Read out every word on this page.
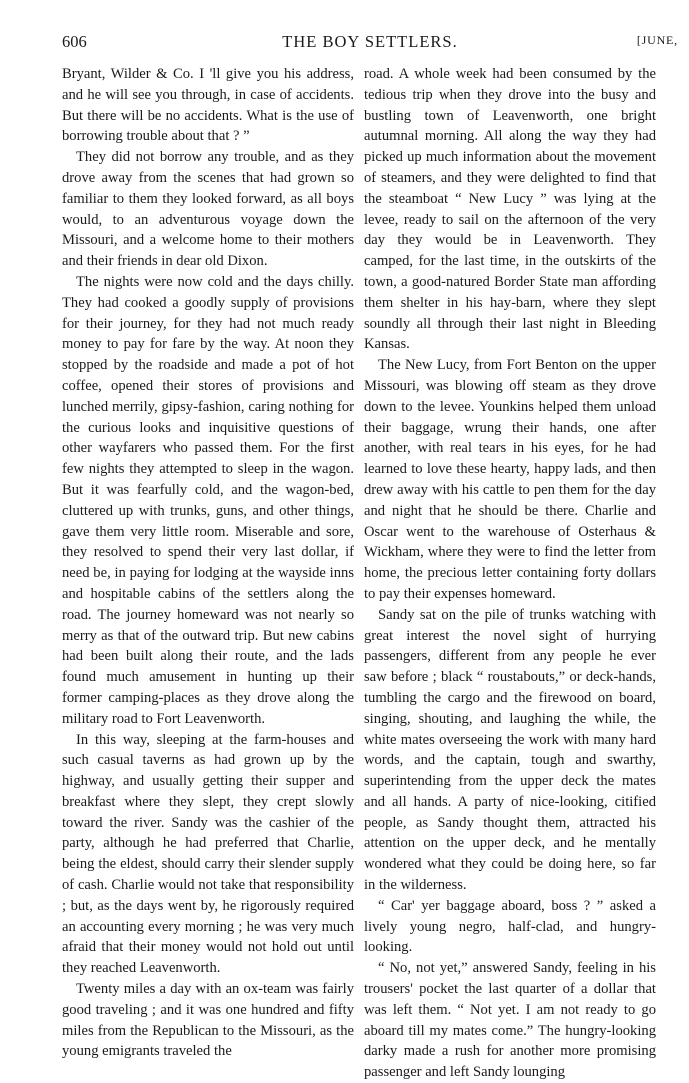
606	THE BOY SETTLERS.	[JUNE,

Bryant, Wilder & Co. I 'll give you his address, and he will see you through, in case of accidents. But there will be no accidents. What is the use of borrowing trouble about that ? ”

They did not borrow any trouble, and as they drove away from the scenes that had grown so familiar to them they looked forward, as all boys would, to an adventurous voyage down the Missouri, and a welcome home to their mothers and their friends in dear old Dixon.

The nights were now cold and the days chilly. They had cooked a goodly supply of provisions for their journey, for they had not much ready money to pay for fare by the way. At noon they stopped by the roadside and made a pot of hot coffee, opened their stores of provisions and lunched merrily, gipsy-fashion, caring nothing for the curious looks and inquisitive questions of other wayfarers who passed them. For the first few nights they attempted to sleep in the wagon. But it was fearfully cold, and the wagon-bed, cluttered up with trunks, guns, and other things, gave them very little room. Miserable and sore, they resolved to spend their very last dollar, if need be, in paying for lodging at the wayside inns and hospitable cabins of the settlers along the road. The journey homeward was not nearly so merry as that of the outward trip. But new cabins had been built along their route, and the lads found much amusement in hunting up their former camping-places as they drove along the military road to Fort Leavenworth.

In this way, sleeping at the farm-houses and such casual taverns as had grown up by the highway, and usually getting their supper and breakfast where they slept, they crept slowly toward the river. Sandy was the cashier of the party, although he had preferred that Charlie, being the eldest, should carry their slender supply of cash. Charlie would not take that responsibility ; but, as the days went by, he rigorously required an accounting every morning ; he was very much afraid that their money would not hold out until they reached Leavenworth.

Twenty miles a day with an ox-team was fairly good traveling ; and it was one hundred and fifty miles from the Republican to the Missouri, as the young emigrants traveled the

road. A whole week had been consumed by the tedious trip when they drove into the busy and bustling town of Leavenworth, one bright autumnal morning. All along the way they had picked up much information about the movement of steamers, and they were delighted to find that the steamboat “ New Lucy ” was lying at the levee, ready to sail on the afternoon of the very day they would be in Leavenworth. They camped, for the last time, in the outskirts of the town, a good-natured Border State man affording them shelter in his hay-barn, where they slept soundly all through their last night in Bleeding Kansas.

The New Lucy, from Fort Benton on the upper Missouri, was blowing off steam as they drove down to the levee. Younkins helped them unload their baggage, wrung their hands, one after another, with real tears in his eyes, for he had learned to love these hearty, happy lads, and then drew away with his cattle to pen them for the day and night that he should be there. Charlie and Oscar went to the warehouse of Osterhaus & Wickham, where they were to find the letter from home, the precious letter containing forty dollars to pay their expenses homeward.

Sandy sat on the pile of trunks watching with great interest the novel sight of hurrying passengers, different from any people he ever saw before ; black “ roustabouts,” or deck-hands, tumbling the cargo and the firewood on board, singing, shouting, and laughing the while, the white mates overseeing the work with many hard words, and the captain, tough and swarthy, superintending from the upper deck the mates and all hands. A party of nice-looking, citified people, as Sandy thought them, attracted his attention on the upper deck, and he mentally wondered what they could be doing here, so far in the wilderness.

“ Car' yer baggage aboard, boss ? ” asked a lively young negro, half-clad, and hungry-looking.

“ No, not yet,” answered Sandy, feeling in his trousers' pocket the last quarter of a dollar that was left them. “ Not yet. I am not ready to go aboard till my mates come.” The hungry-looking darky made a rush for another more promising passenger and left Sandy lounging
